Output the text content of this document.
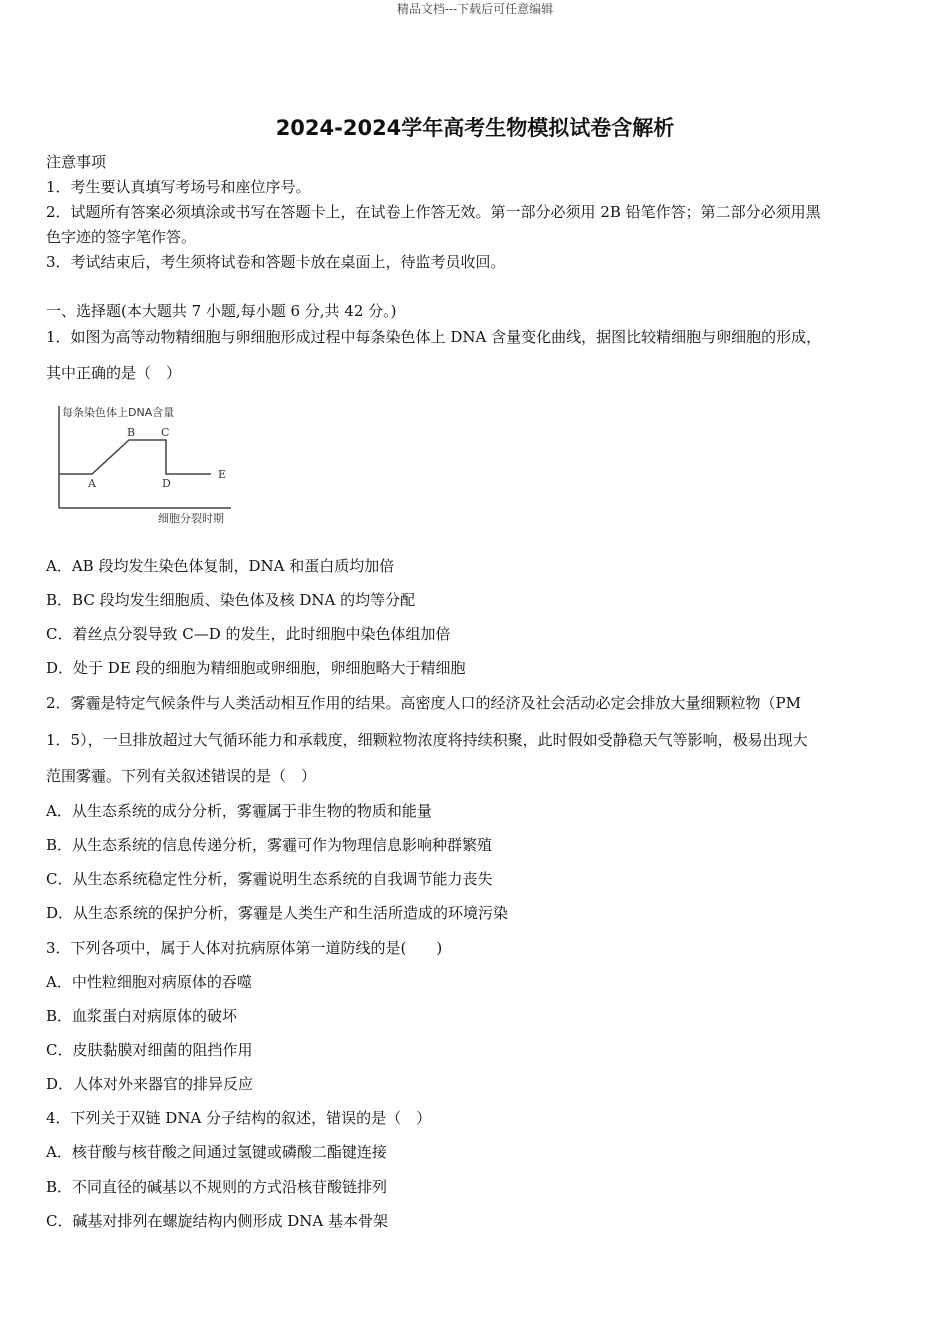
精品文档---下载后可任意编辑
2024-2024学年高考生物模拟试卷含解析
注意事项
1．考生要认真填写考场号和座位序号。
2．试题所有答案必须填涂或书写在答题卡上，在试卷上作答无效。第一部分必须用 2B 铅笔作答；第二部分必须用黑
色字迹的签字笔作答。
3．考试结束后，考生须将试卷和答题卡放在桌面上，待监考员收回。
一、选择题(本大题共 7 小题,每小题 6 分,共 42 分。)
1．如图为高等动物精细胞与卵细胞形成过程中每条染色体上 DNA 含量变化曲线，据图比较精细胞与卵细胞的形成，
其中正确的是（　）
每条染色体上DNA含量
细胞分裂时期
A
B C
D
E
A．AB 段均发生染色体复制，DNA 和蛋白质均加倍
B．BC 段均发生细胞质、染色体及核 DNA 的均等分配
C．着丝点分裂导致 C—D 的发生，此时细胞中染色体组加倍
D．处于 DE 段的细胞为精细胞或卵细胞，卵细胞略大于精细胞
2．雾霾是特定气候条件与人类活动相互作用的结果。高密度人口的经济及社会活动必定会排放大量细颗粒物（PM
1．5），一旦排放超过大气循环能力和承载度，细颗粒物浓度将持续积聚，此时假如受静稳天气等影响，极易出现大
范围雾霾。下列有关叙述错误的是（　）
A．从生态系统的成分分析，雾霾属于非生物的物质和能量
B．从生态系统的信息传递分析，雾霾可作为物理信息影响种群繁殖
C．从生态系统稳定性分析，雾霾说明生态系统的自我调节能力丧失
D．从生态系统的保护分析，雾霾是人类生产和生活所造成的环境污染
3．下列各项中，属于人体对抗病原体第一道防线的是(　　)
A．中性粒细胞对病原体的吞噬
B．血浆蛋白对病原体的破坏
C．皮肤黏膜对细菌的阻挡作用
D．人体对外来器官的排异反应
4．下列关于双链 DNA 分子结构的叙述，错误的是（　）
A．核苷酸与核苷酸之间通过氢键或磷酸二酯键连接
B．不同直径的碱基以不规则的方式沿核苷酸链排列
C．碱基对排列在螺旋结构内侧形成 DNA 基本骨架
